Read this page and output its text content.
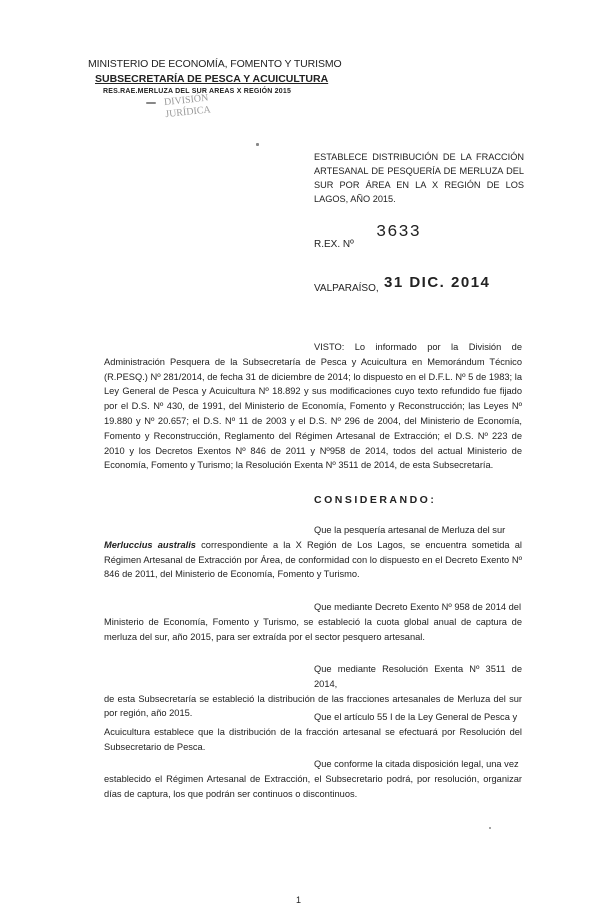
MINISTERIO DE ECONOMÍA, FOMENTO Y TURISMO
SUBSECRETARÍA DE PESCA Y ACUICULTURA
RES.RAE.MERLUZA DEL SUR AREAS X REGIÓN 2015
DIVISIÓN
JURÍDICA
ESTABLECE DISTRIBUCIÓN DE LA FRACCIÓN ARTESANAL DE PESQUERÍA DE MERLUZA DEL SUR POR ÁREA EN LA X REGIÓN DE LOS LAGOS, AÑO 2015.
R.EX. Nº
3633
VALPARAÍSO, 31 DIC. 2014
VISTO: Lo informado por la División de Administración Pesquera de la Subsecretaría de Pesca y Acuicultura en Memorándum Técnico (R.PESQ.) Nº 281/2014, de fecha 31 de diciembre de 2014; lo dispuesto en el D.F.L. Nº 5 de 1983; la Ley General de Pesca y Acuicultura Nº 18.892 y sus modificaciones cuyo texto refundido fue fijado por el D.S. Nº 430, de 1991, del Ministerio de Economía, Fomento y Reconstrucción; las Leyes Nº 19.880 y Nº 20.657; el D.S. Nº 11 de 2003 y el D.S. Nº 296 de 2004, del Ministerio de Economía, Fomento y Reconstrucción, Reglamento del Régimen Artesanal de Extracción; el D.S. Nº 223 de 2010 y los Decretos Exentos Nº 846 de 2011 y Nº958 de 2014, todos del actual Ministerio de Economía, Fomento y Turismo; la Resolución Exenta Nº 3511 de 2014, de esta Subsecretaría.
CONSIDERANDO:
Que la pesquería artesanal de Merluza del sur
Merluccius australis correspondiente a la X Región de Los Lagos, se encuentra sometida al Régimen Artesanal de Extracción por Área, de conformidad con lo dispuesto en el Decreto Exento Nº 846 de 2011, del Ministerio de Economía, Fomento y Turismo.
Que mediante Decreto Exento Nº 958 de 2014 del
Ministerio de Economía, Fomento y Turismo, se estableció la cuota global anual de captura de merluza del sur, año 2015, para ser extraída por el sector pesquero artesanal.
Que mediante Resolución Exenta Nº 3511 de 2014,
de esta Subsecretaría se estableció la distribución de las fracciones artesanales de Merluza del sur por región, año 2015.	Que el artículo 55 I de la Ley General de Pesca y
Acuicultura establece que la distribución de la fracción artesanal se efectuará por Resolución del Subsecretario de Pesca.
Que conforme la citada disposición legal, una vez
establecido el Régimen Artesanal de Extracción, el Subsecretario podrá, por resolución, organizar días de captura, los que podrán ser continuos o discontinuos.
1
